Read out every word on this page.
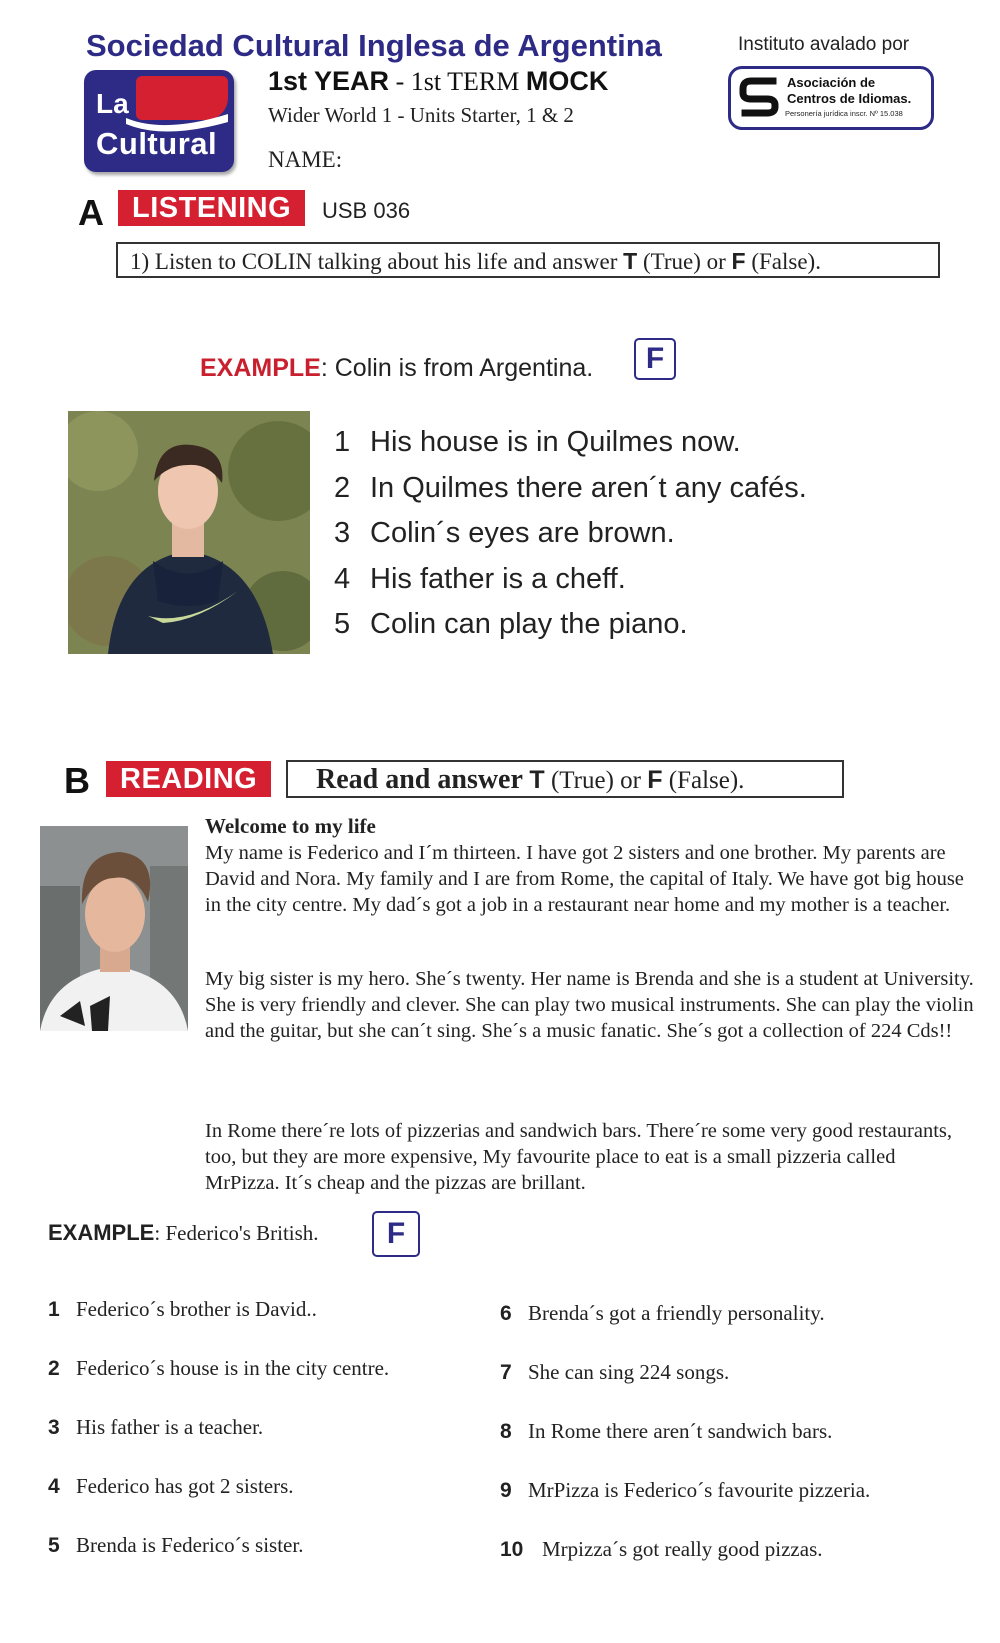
Sociedad Cultural Inglesa de Argentina
La
Cultural
1st YEAR - 1st TERM MOCK
Wider World 1 - Units Starter, 1 & 2
NAME:
Instituto avalado por
Asociación de
Centros de Idiomas.
Personería jurídica inscr. Nº 15.038
A LISTENING	USB 036
1) Listen to COLIN talking about his life and answer T (True) or F (False).
EXAMPLE: Colin is from Argentina.	F
1 His house is in Quilmes now.
2 In Quilmes there aren´t any cafés.
3 Colin´s eyes are brown.
4 His father is a cheff.
5 Colin can play the piano.
B	READING	Read and answer T (True) or F (False).
Welcome to my life
My name is Federico and I´m thirteen. I have got 2 sisters and one brother. My parents are David and Nora. My family and I are from Rome, the capital of Italy. We have got big house in the city centre. My dad´s got a job in a restaurant near home and my mother is a teacher.
My big sister is my hero. She´s twenty. Her name is Brenda and she is a student at University. She is very friendly and clever. She can play two musical instruments. She can play the violin and the guitar, but she can´t sing. She´s a music fanatic. She´s got a collection of 224 Cds!!
In Rome there´re lots of pizzerias and sandwich bars. There´re some very good restaurants, too, but they are more expensive, My favourite place to eat is a small pizzeria called MrPizza. It´s cheap and the pizzas are brillant.
EXAMPLE: Federico's British.	F
1 Federico´s brother is David..
2 Federico´s house is in the city centre.
3 His father is a teacher.
4 Federico has got 2 sisters.
5 Brenda is Federico´s sister.
6 Brenda´s got a friendly personality.
7 She can sing 224 songs.
8 In Rome there aren´t sandwich bars.
9 MrPizza is Federico´s favourite pizzeria.
10 Mrpizza´s got really good pizzas.
